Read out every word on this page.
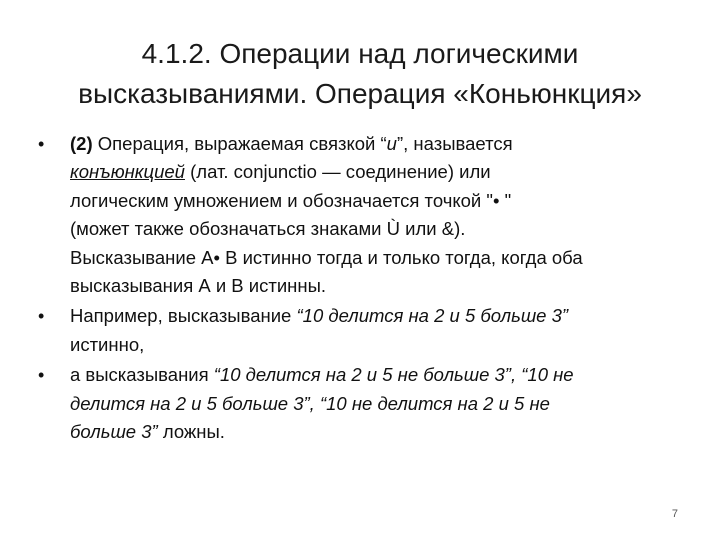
4.1.2. Операции над логическими
высказываниями. Операция «Коньюнкция»
• (2) Операция, выражаемая связкой “и”, называется
конъюнкцией (лат. conjunctio — соединение) или
логическим умножением и обозначается точкой "• "
(может также обозначаться знаками Ù или &).
Высказывание А• В истинно тогда и только тогда, когда оба
высказывания А и В истинны.
• Например, высказывание “10 делится на 2 и 5 больше 3”
истинно,
• а высказывания “10 делится на 2 и 5 не больше 3”, “10 не
делится на 2 и 5 больше 3”, “10 не делится на 2 и 5 не
больше 3” ложны.
7
